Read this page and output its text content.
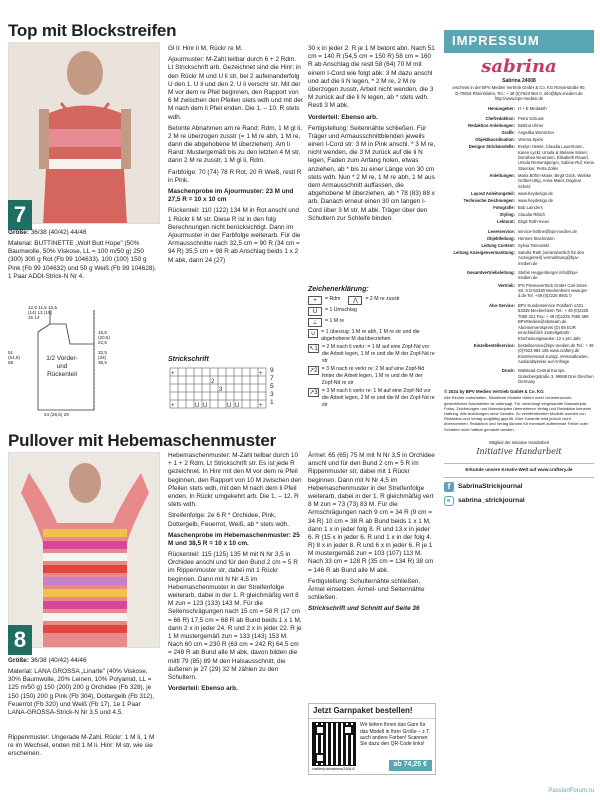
Top mit Blockstreifen
7
Größe: 36/38 (40/42) 44/46
Material: BUTTINETTE „Wolf Butt Hope" (50% Baumwolle, 50% Viskose, LL = 100 m/50 g) 250 (300) 300 g Rot (Fb 99 104633), 100 (100) 150 g Pink (Fb 99 104632) und 50 g Weiß (Fb 99 104628). 1 Paar ADDI-Strick-N Nr 4.
1/2 Vorder- und Rückenteil
12,5 11,5 12,5
(14) 13 (15)
15 14
51
(54,5)
58
18,5
(20,5)
22,5

32,5
(34)
35,5
24 (26,5) 29

Gl li: Hinr li M, Rückr re M.

Ajourmuster: M-Zahl teilbar durch 6 + 2 Rdm. Lt Strickschrift arb. Gezeichnet sind die Hinr; in den Rückr M und U li str, bei 2 aufeinanderfolg U den 1. U li und den 2. U li verschr str. Mit der M vor dem re Pfeil beginnen, den Rapport von 6 M zwischen den Pfeilen stets wdh und mit der M nach dem li Pfeil enden. Die 1. – 10. R stets wdh.

Betonte Abnahmen am re Rand: Rdm, 1 M gl li, 2 M re überzogen zusstr (= 1 M re abh, 1 M re, dann die abgehobene M überziehen). Am li Rand: Mustergemäß bis zu den letzten 4 M str, dann 2 M re zusstr, 1 M gl li, Rdm.

Farbfolge: 70 (74) 78 R Rot, 20 R Weiß, restl R in Pink.

Maschenprobe im Ajourmuster: 23 M und 27,5 R = 10 x 10 cm

Rückenteil: 110 (122) 134 M in Rot anschl und 1 Rückr li M str. Diese R ist in den folg Berechnungen nicht berücksichtigt. Dann im Ajourmuster in der Farbfolge weiterarb. Für die Armausschnitte nach 32,5 cm = 90 R (34 cm = 94 R) 35,5 cm = 98 R ab Anschlag beids 1 x 2 M abk, dann 24 (27)

Strickschrift
+	+
+	+
U U	U U
2
3
9
7
5
3
1

30 x in jeder 2. R je 1 M betont abn. Nach 51 cm = 140 R (54,5 cm = 150 R) 58 cm = 160 R ab Anschlag die restl 58 (64) 70 M mit einem I-Cord wie folgt abk: 3 M dazu anschl und auf die li N legen, * 2 M re, 2 M re überzogen zusstr, Arbeit nicht wenden, die 3 M zurück auf die li N legen, ab * stets wdh. Restl 3 M abk.

Vorderteil: Ebenso arb.

Fertigstellung: Seitennähte schließen. Für Träger und Armausschnittblenden jeweils einen I-Cord str: 3 M in Pink anschl. * 3 M re, nicht wenden, die 3 M zurück auf die li N legen, Faden zum Anfang holen, etwas anziehen, ab * bis zu einer Länge von 30 cm stets wdh. Nun * 2 M re, 1 M re abh, 1 M aus dem Armausschnitt auffassen, die abgehobene M überziehen, ab * 78 (83) 88 x arb. Danach erneut einen 30 cm langen I-Cord über 3 M str. M abk. Träger über den Schultern zur Schleife binden.

Zeichenerklärung:
+	= Rdm	⋀	= 2 M re zusstr
U	= 1 Umschlag
⊥	= 1 M re
∪	= 1 überzug: 1 M re abh, 1 M re str und die abgehobene M darüberziehen
↖1 = 2 M nach li verkr: = 1 M auf eine Zopf-Nd vor die Arbeit legen, 1 M re und die M der Zopf-Nd re str
↗2 = 3 M nach re verkr re: 2 M auf eine Zopf-Nd hinter die Arbeit legen, 1 M re und die M der Zopf-Nd re str
↗3 = 3 M nach li verkr re: 1 M auf eine Zopf-Nd vor die Arbeit legen, 2 M re und die M der Zopf-Nd re str
Pullover mit Hebemaschenmuster
8
Größe: 36/38 (40/42) 44/46
Material: LANA GROSSA „Linarte" (40% Viskose, 30% Baumwolle, 20% Leinen, 10% Polyamid, LL = 125 m/50 g) 150 (200) 200 g Orchidee (Fb 328), je 150 (150) 200 g Pink (Fb 304), Dottergelb (Fb 312), Feuerrot (Fb 320) und Weiß (Fb 17). 1e 1 Paar LANA-GROSSA-Strick-N Nr 3,5 und 4,5.
Rippenmuster: Ungerade M-Zahl. Rückr: 1 M li, 1 M re im Wechsel, enden mit 1 M li. Hinr: M str, wie sie erscheinen.

Hebemaschenmuster: M-Zahl teilbar durch 10 + 1 + 2 Rdm. Lt Strickschrift str. Es ist jede R gezeichnet. In Hinr mit den M vor dem re Pfeil beginnen, den Rapport von 10 M zwischen den Pfeilen stets wdh, mit den M nach dem li Pfeil enden. In Rückr umgekehrt arb. Die 1. – 12. R stets wdh.

Streifenfolge: 2e 6 R * Orchidee, Pink, Dottergelb, Feuerrot, Weiß, ab * stets wdh.

Maschenprobe im Hebemaschenmuster: 25 M und 38,5 R = 10 x 10 cm.

Rückenteil: 115 (125) 135 M mit N Nr 3,5 in Orchidee anschl und für den Bund 2 cm = 5 R im Rippenmuster str, dabei mit 1 Rückr beginnen. Dann mit N Nr 4,5 im Hebemaschenmuster in der Streifenfolge weiterarb, dabei in der 1. R gleichmäßig vert 8 M zun = 123 (133) 143 M. Für die Seitenschrägungen nach 15 cm = 58 R (17 cm = 66 R) 17,5 cm = 68 R ab Bund beids 1 x 1 M, dann 2 x in jeder 24. R und 2 x in jeder 22. R je 1 M mustergemäß zun = 133 (143) 153 M. Nach 60 cm = 230 R (63 cm = 242 R) 64,5 cm = 248 R ab Bund alle M abk, davon bilden die mittl 79 (85) 89 M den Halsausschnitt, die äußeren je 27 (29) 32 M zählen zu den Schultern.

Vorderteil: Ebenso arb.

Ärmel: 65 (65) 75 M mit N Nr 3,5 in Orchidee anschl und für den Bund 2 cm = 5 R im Rippenmuster str, dabei mit 1 Rückr beginnen. Dann mit N Nr 4,5 im Hebemaschenmuster in der Streifenfolge weiterarb, dabei in der 1. R gleichmäßig vert 8 M zun = 73 (73) 83 M. Für die Armschrägungen nach 9 cm = 34 R (9 cm = 34 R) 10 cm = 38 R ab Bund beids 1 x 1 M, dann 1 x in jeder folg 8. R und 13 x in jeder 6. R (15 x in jeder 6. R und 1 x in der folg 4. R) 8 x in jeder 8. R und 6 x in jeder 6. R je 1 M mustergemäß zun = 103 (107) 113 M. Nach 33 cm = 128 R (35 cm = 134 R) 38 cm = 146 R ab Bund alle M abk.

Fertigstellung: Schulternähte schließen. Ärmel einsetzen. Ärmel- und Seitennähte schließen.

Strickschrift und Schnitt auf Seite 36

Jetzt Garnpaket bestellen!
Wir liefern Ihnen das Garn für das Modell in Ihrer Größe – z.T. auch andere Farben! Scannen Sie dazu den QR-Code links!
crafitery.de/sabrina/2408-8
ab 74,25 €
IMPRESSUM
sabrina
Sabrina 24008
erscheint in der BPV Medien Vertrieb GmbH & Co. KG Römerstraße 90, D-79618 Rheinfelden, Tel.: + 49 (0)7623 964 0, info@bpv-medien.de http://www.bpv-medien.de
Herausgeber: H + E Medweth
Chefredaktion: Petra Schurar
Redaktion Anleitungen: Bettina Ulmer
Grafik: Angelika Wünscher
Objektkoordination: Verena Spies
Designs Strickmodelle: Evelyn Hesse, Claudia Lauermann, Karen Lyckt, Ursula & Melanie Moser, Dorothea Neumann, Elisabeth Rauert, Ursula Remensperger, Sabine Ruf, Keria Stoecker, Petra Zoller
Anleitungen: Maria Böhm-Maier, Birgit Gück, Wiebke Gröbel-Uttig, Anna Maier, Dagmar Schelz
Layout Anleitungsteil: www.heydesign.de
Technische Zeichnungen: www.heydesign.de
Fotografie: Bob Lainders
Styling: Claudia Rittich
Lektorat: Birgit Roth-Inewi
Leserservice: service-hotline@bpv-medien.de
Objektleitung: Hennes Stockmann
Leitung Content: Sylvia Tarnowski
Leitung Anzeigenvermarktung: Sandra Rath (verantwortlich für den Anzeigenteil) vermarktung@bpv-medien.de
Gesamtvertriebsleitung: Stefan Heggenberger info@bpv-medien.de
Vertrieb: IPS Pressevertrieb GmbH Carl-Zeiss-Str. 5 D-53340 Meckenheim www.ips-d.de Tel. +49 (0)2225 8801 0
Abo-Service: BPV Kundenservice Postfach 1331 53335 Meckenheim Tel.: + 49 (0)2225 7085 321 Fax: + 49 (0)2225 7085 399 BPVMedien@aboteam.de Abonnementspreis (D) 68 EUR einschließlich Zustellgebühr Erscheinungsweise: 12 x pro Jahr
Einzelbestellservice: bestellservice@bpv-medien.de Tel.: + 49 (0)7623 964 155 www.craftery.de Einzelversand zuzügl. Versandkosten. Auslandspreise auf Anfrage
Druck: Walstead Central Europe, Gutenbergstraße 3, 99869 Drei Gleichen Germany
© 2024 by BPV Medien Vertrieb GmbH & Co. KG
Alle Rechte vorbehalten. Sämtliche Modelle dürfen unter Urheberschutz, gewerbliches Nachstellen ist untersagt. Für unverlangt eingesandte Manuskripte, Fotos, Zeichnungen und Manuskripten übernehmen Verlag und Redaktion keinerlei Haftung. Alle Anleitungen ohne Gewähr. Zu veröffentlichten Modelle wurden von Redaktion und Verlag sorgfältig geprüft. Eine Garantie wird jedoch nicht übernommen. Redaktion und Verlag können für eventuell auftretende Fehler oder Schäden nicht haftbar gemacht werden.
Mitglied der Initiative Handarbeit
Initiative Handarbeit
Erkunde unsere Kreativ-Welt auf www.craftery.de
f	SabrinaStrickjournal
sabrina_strickjournal
PassionForum.ru
